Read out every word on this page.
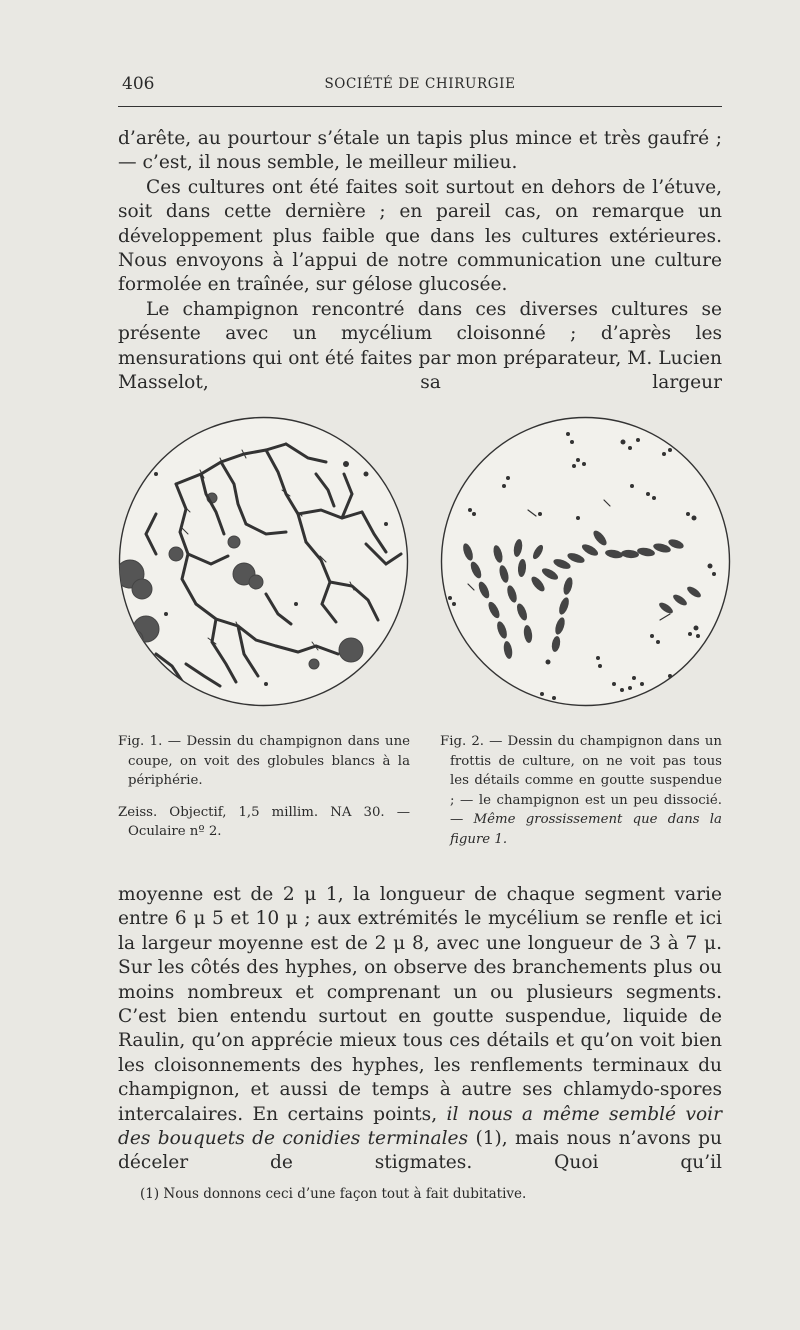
406	SOCIÉTÉ DE CHIRURGIE

d’arête, au pourtour s’étale un tapis plus mince et très gaufré ; — c’est, il nous semble, le meilleur milieu.

Ces cultures ont été faites soit surtout en dehors de l’étuve, soit dans cette dernière ; en pareil cas, on remarque un développement plus faible que dans les cultures extérieures. Nous envoyons à l’appui de notre communication une culture formolée en traînée, sur gélose glucosée.

Le champignon rencontré dans ces diverses cultures se présente avec un mycélium cloisonné ; d’après les mensurations qui ont été faites par mon préparateur, M. Lucien Masselot, sa largeur

Fig. 1. — Dessin du champignon dans une coupe, on voit des globules blancs à la périphérie.

Zeiss. Objectif, 1,5 millim. NA 30. — Oculaire nº 2.

Fig. 2. — Dessin du champignon dans un frottis de culture, on ne voit pas tous les détails comme en goutte suspendue ; — le champignon est un peu dissocié. — Même grossissement que dans la figure 1.

moyenne est de 2 μ 1, la longueur de chaque segment varie entre 6 μ 5 et 10 μ ; aux extrémités le mycélium se renfle et ici la largeur moyenne est de 2 μ 8, avec une longueur de 3 à 7 μ. Sur les côtés des hyphes, on observe des branchements plus ou moins nombreux et comprenant un ou plusieurs segments. C’est bien entendu surtout en goutte suspendue, liquide de Raulin, qu’on apprécie mieux tous ces détails et qu’on voit bien les cloisonnements des hyphes, les renflements terminaux du champignon, et aussi de temps à autre ses chlamydo-spores intercalaires. En certains points, il nous a même semblé voir des bouquets de conidies terminales (1), mais nous n’avons pu déceler de stigmates. Quoi qu’il

(1) Nous donnons ceci d’une façon tout à fait dubitative.
